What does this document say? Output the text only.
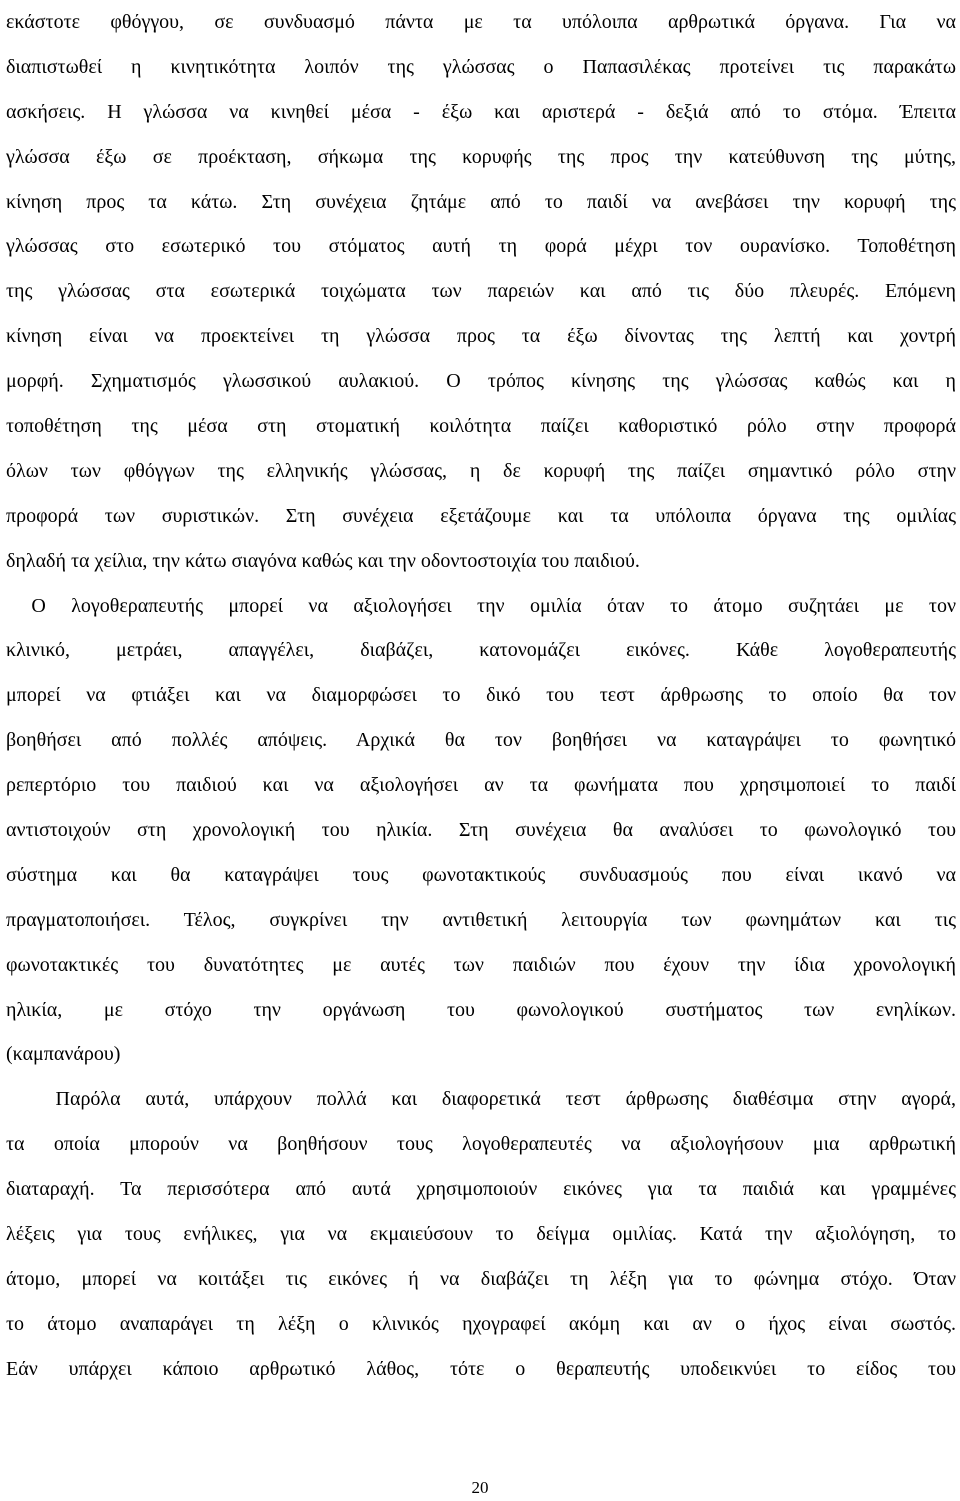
εκάστοτε φθόγγου, σε συνδυασμό πάντα με τα υπόλοιπα αρθρωτικά όργανα. Για να
διαπιστωθεί η κινητικότητα λοιπόν της γλώσσας ο Παπασιλέκας προτείνει τις παρακάτω
ασκήσεις. Η γλώσσα να κινηθεί μέσα - έξω και αριστερά - δεξιά από το στόμα. Έπειτα
γλώσσα έξω σε προέκταση, σήκωμα της κορυφής της προς την κατεύθυνση της μύτης,
κίνηση προς τα κάτω. Στη συνέχεια ζητάμε από το παιδί να ανεβάσει την κορυφή της
γλώσσας στο εσωτερικό του στόματος αυτή τη φορά μέχρι τον ουρανίσκο. Τοποθέτηση
της γλώσσας στα εσωτερικά τοιχώματα των παρειών και από τις δύο πλευρές. Επόμενη
κίνηση είναι να προεκτείνει τη γλώσσα προς τα έξω δίνοντας της λεπτή και χοντρή
μορφή. Σχηματισμός γλωσσικού αυλακιού. Ο τρόπος κίνησης της γλώσσας καθώς και η
τοποθέτηση της μέσα στη στοματική κοιλότητα παίζει καθοριστικό ρόλο στην προφορά
όλων των φθόγγων της ελληνικής γλώσσας, η δε κορυφή της παίζει σημαντικό ρόλο στην
προφορά των συριστικών. Στη συνέχεια εξετάζουμε και τα υπόλοιπα όργανα της ομιλίας
δηλαδή τα χείλια, την κάτω σιαγόνα καθώς και την οδοντοστοιχία του παιδιού.
Ο λογοθεραπευτής μπορεί να αξιολογήσει την ομιλία όταν το άτομο συζητάει με τον
κλινικό, μετράει, απαγγέλει, διαβάζει, κατονομάζει εικόνες. Κάθε λογοθεραπευτής
μπορεί να φτιάξει και να διαμορφώσει το δικό του τεστ άρθρωσης το οποίο θα τον
βοηθήσει από πολλές απόψεις. Αρχικά θα τον βοηθήσει να καταγράψει το φωνητικό
ρεπερτόριο του παιδιού και να αξιολογήσει αν τα φωνήματα που χρησιμοποιεί το παιδί
αντιστοιχούν στη χρονολογική του ηλικία. Στη συνέχεια θα αναλύσει το φωνολογικό του
σύστημα και θα καταγράψει τους φωνοτακτικούς συνδυασμούς που είναι ικανό να
πραγματοποιήσει. Τέλος, συγκρίνει την αντιθετική λειτουργία των φωνημάτων και τις
φωνοτακτικές του δυνατότητες με αυτές των παιδιών που έχουν την ίδια χρονολογική
ηλικία, με στόχο την οργάνωση του φωνολογικού συστήματος των ενηλίκων.
(καμπανάρου)
Παρόλα αυτά, υπάρχουν πολλά και διαφορετικά τεστ άρθρωσης διαθέσιμα στην αγορά,
τα οποία μπορούν να βοηθήσουν τους λογοθεραπευτές να αξιολογήσουν μια αρθρωτική
διαταραχή. Τα περισσότερα από αυτά χρησιμοποιούν εικόνες για τα παιδιά και γραμμένες
λέξεις για τους ενήλικες, για να εκμαιεύσουν το δείγμα ομιλίας. Κατά την αξιολόγηση, το
άτομο, μπορεί να κοιτάξει τις εικόνες ή να διαβάζει τη λέξη για το φώνημα στόχο. Όταν
το άτομο αναπαράγει τη λέξη ο κλινικός ηχογραφεί ακόμη και αν ο ήχος είναι σωστός.
Εάν υπάρχει κάποιο αρθρωτικό λάθος, τότε ο θεραπευτής υποδεικνύει το είδος του
20
